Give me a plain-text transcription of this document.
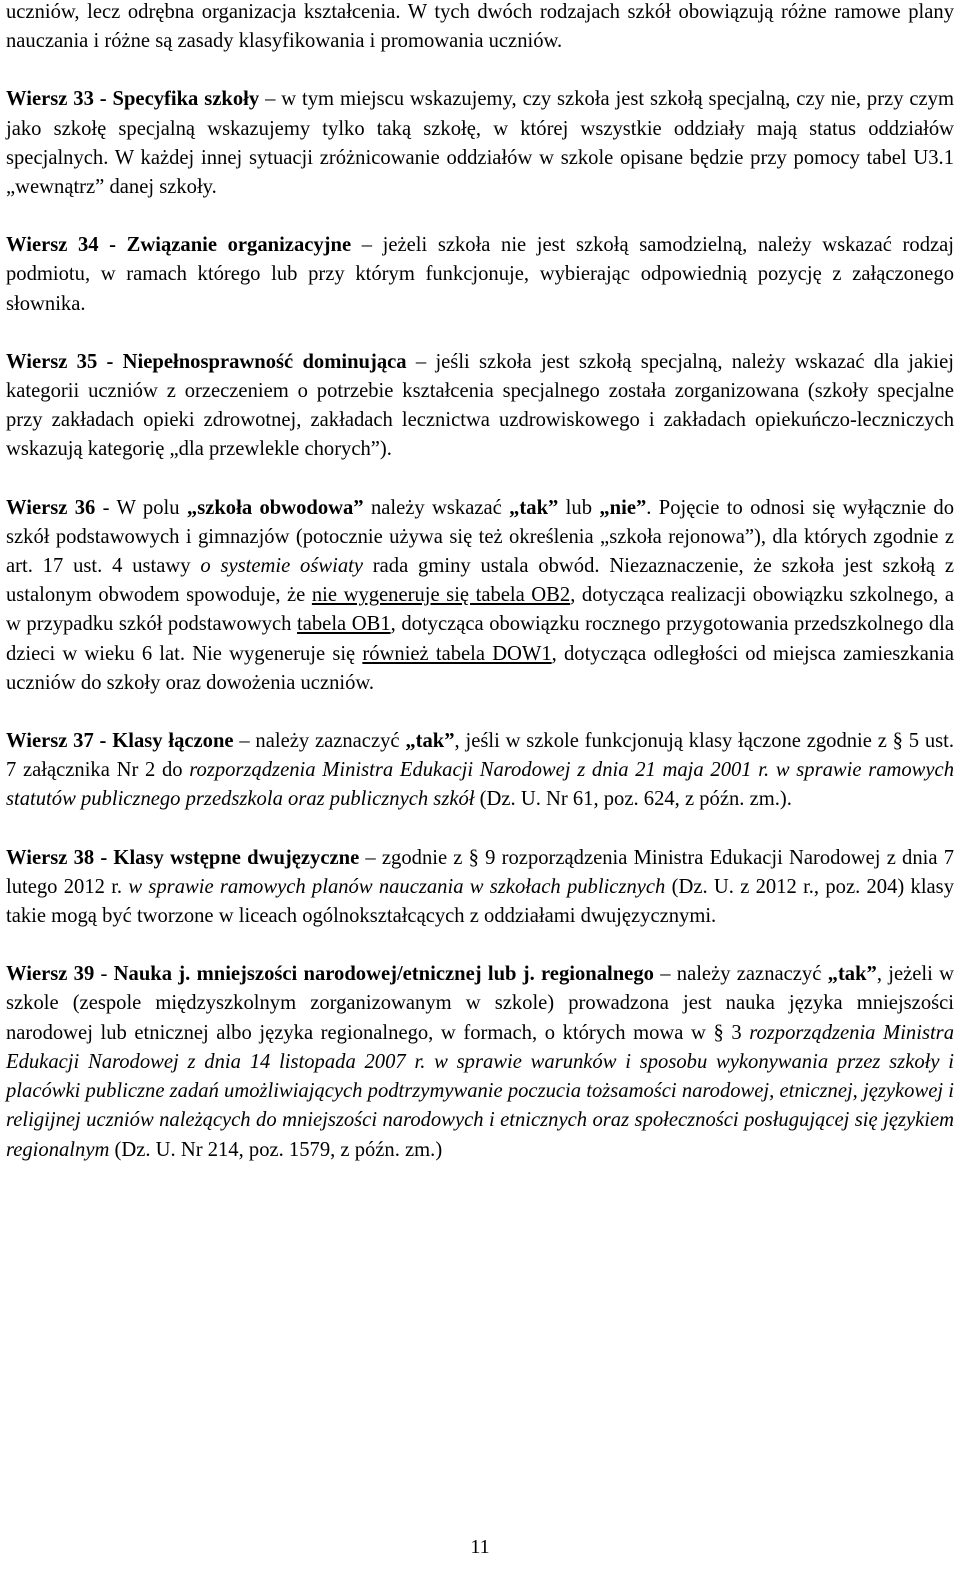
uczniów, lecz odrębna organizacja kształcenia. W tych dwóch rodzajach szkół obowiązują różne ramowe plany nauczania i różne są zasady klasyfikowania i promowania uczniów.

Wiersz 33 - Specyfika szkoły – w tym miejscu wskazujemy, czy szkoła jest szkołą specjalną, czy nie, przy czym jako szkołę specjalną wskazujemy tylko taką szkołę, w której wszystkie oddziały mają status oddziałów specjalnych. W każdej innej sytuacji zróżnicowanie oddziałów w szkole opisane będzie przy pomocy tabel U3.1 „wewnątrz” danej szkoły.

Wiersz 34 - Związanie organizacyjne – jeżeli szkoła nie jest szkołą samodzielną, należy wskazać rodzaj podmiotu, w ramach którego lub przy którym funkcjonuje, wybierając odpowiednią pozycję z załączonego słownika.

Wiersz 35 - Niepełnosprawność dominująca – jeśli szkoła jest szkołą specjalną, należy wskazać dla jakiej kategorii uczniów z orzeczeniem o potrzebie kształcenia specjalnego została zorganizowana (szkoły specjalne przy zakładach opieki zdrowotnej, zakładach lecznictwa uzdrowiskowego i zakładach opiekuńczo-leczniczych wskazują kategorię „dla przewlekle chorych”).

Wiersz 36 - W polu „szkoła obwodowa” należy wskazać „tak” lub „nie”. Pojęcie to odnosi się wyłącznie do szkół podstawowych i gimnazjów (potocznie używa się też określenia „szkoła rejonowa”), dla których zgodnie z art. 17 ust. 4 ustawy o systemie oświaty rada gminy ustala obwód. Niezaznaczenie, że szkoła jest szkołą z ustalonym obwodem spowoduje, że nie wygeneruje się tabela OB2, dotycząca realizacji obowiązku szkolnego, a w przypadku szkół podstawowych tabela OB1, dotycząca obowiązku rocznego przygotowania przedszkolnego dla dzieci w wieku 6 lat. Nie wygeneruje się również tabela DOW1, dotycząca odległości od miejsca zamieszkania uczniów do szkoły oraz dowożenia uczniów.

Wiersz 37 - Klasy łączone – należy zaznaczyć „tak”, jeśli w szkole funkcjonują klasy łączone zgodnie z § 5 ust. 7 załącznika Nr 2 do rozporządzenia Ministra Edukacji Narodowej z dnia 21 maja 2001 r. w sprawie ramowych statutów publicznego przedszkola oraz publicznych szkół (Dz. U. Nr 61, poz. 624, z późn. zm.).

Wiersz 38 - Klasy wstępne dwujęzyczne – zgodnie z § 9 rozporządzenia Ministra Edukacji Narodowej z dnia 7 lutego 2012 r. w sprawie ramowych planów nauczania w szkołach publicznych (Dz. U. z 2012 r., poz. 204) klasy takie mogą być tworzone w liceach ogólnokształcących z oddziałami dwujęzycznymi.

Wiersz 39 - Nauka j. mniejszości narodowej/etnicznej lub j. regionalnego – należy zaznaczyć „tak”, jeżeli w szkole (zespole międzyszkolnym zorganizowanym w szkole) prowadzona jest nauka języka mniejszości narodowej lub etnicznej albo języka regionalnego, w formach, o których mowa w § 3 rozporządzenia Ministra Edukacji Narodowej z dnia 14 listopada 2007 r. w sprawie warunków i sposobu wykonywania przez szkoły i placówki publiczne zadań umożliwiających podtrzymywanie poczucia tożsamości narodowej, etnicznej, językowej i religijnej uczniów należących do mniejszości narodowych i etnicznych oraz społeczności posługującej się językiem regionalnym (Dz. U. Nr 214, poz. 1579, z późn. zm.)

11
